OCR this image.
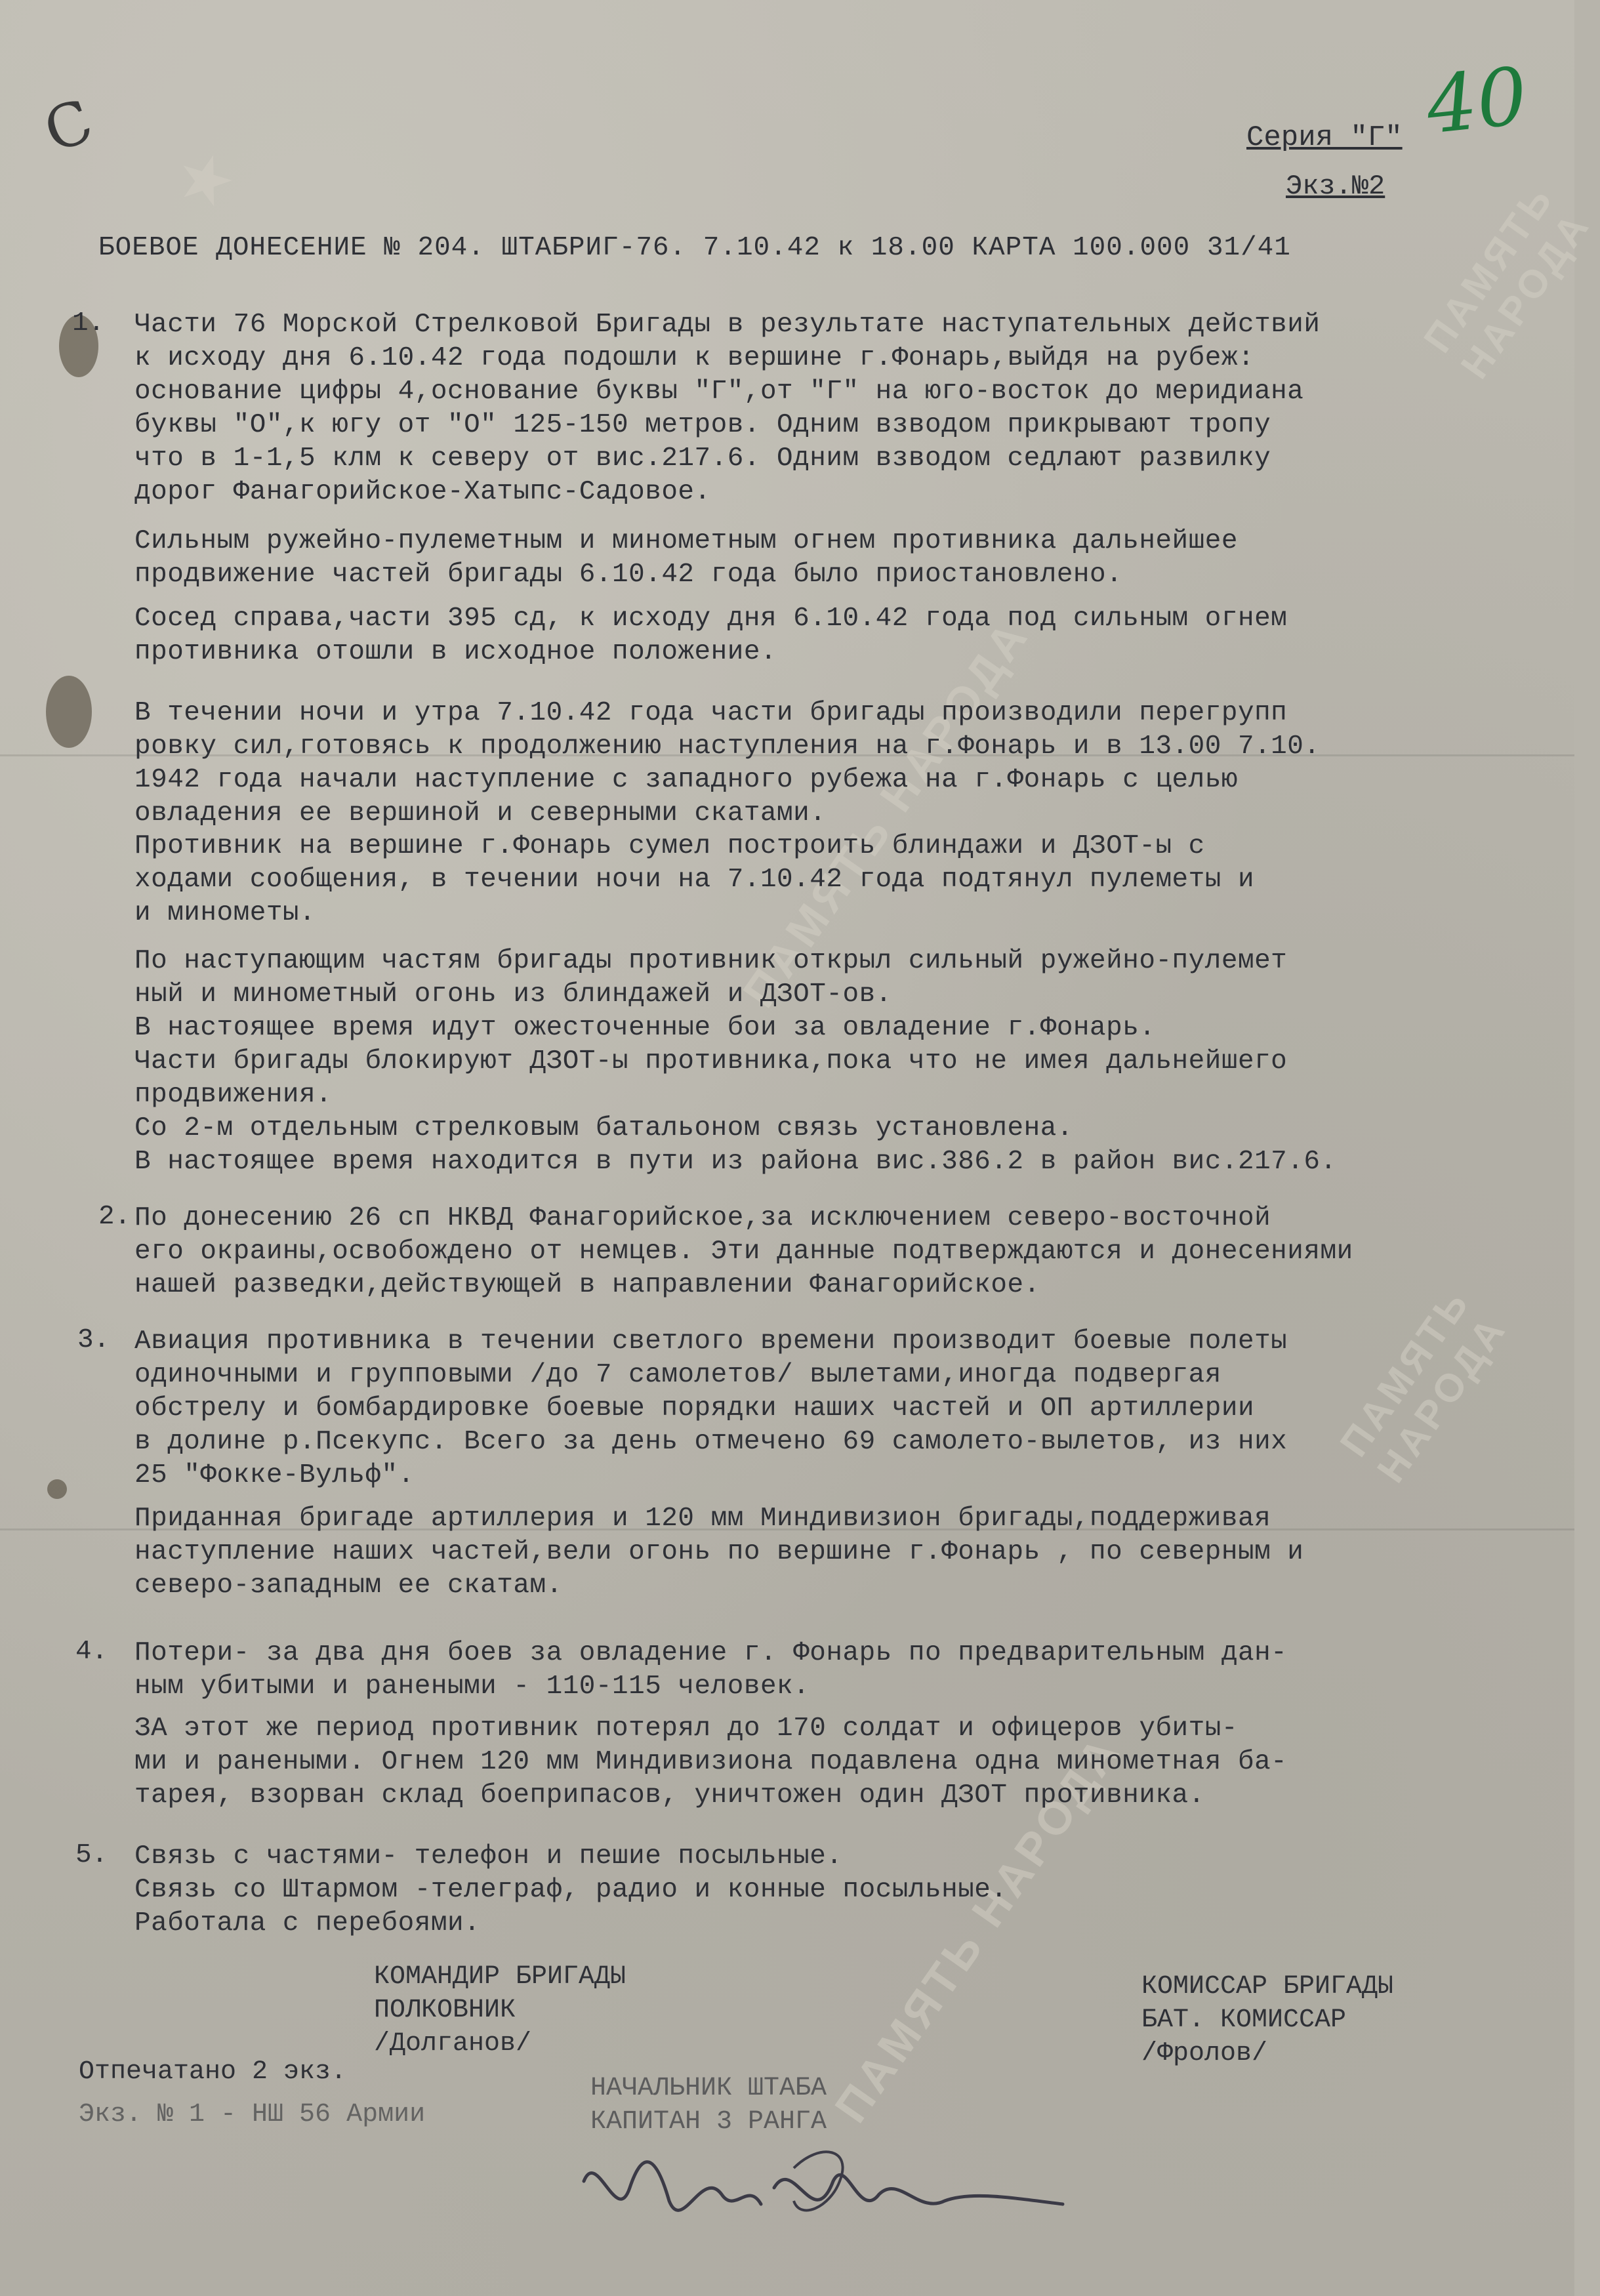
★
ПАМЯТЬ НАРОДА
ПАМЯТЬ НАРОДА
ПАМЯТЬ НАРОДА
ПАМЯТЬ НАРОДА
С	40
Серия "Г"
Экз.№2
БОЕВОЕ ДОНЕСЕНИЕ № 204. ШТАБРИГ-76. 7.10.42 к 18.00 КАРТА 100.000 31/41
1. Части 76 Морской Стрелковой Бригады в результате наступательных действий
к исходу дня 6.10.42 года подошли к вершине г.Фонарь,выйдя на рубеж:
основание цифры 4,основание буквы "Г",от "Г" на юго-восток до меридиана
буквы "О",к югу от "О" 125-150 метров. Одним взводом прикрывают тропу
что в 1-1,5 клм к северу от вис.217.6. Одним взводом седлают развилку
дорог Фанагорийское-Хатыпс-Садовое.
Сильным ружейно-пулеметным и минометным огнем противника дальнейшее
продвижение частей бригады 6.10.42 года было приостановлено.
Сосед справа,части 395 сд, к исходу дня 6.10.42 года под сильным огнем
противника отошли в исходное положение.
В течении ночи и утра 7.10.42 года части бригады производили перегрупп
ровку сил,готовясь к продолжению наступления на г.Фонарь и в 13.00 7.10.
1942 года начали наступление с западного рубежа на г.Фонарь с целью
овладения ее вершиной и северными скатами.
Противник на вершине г.Фонарь сумел построить блиндажи и ДЗОТ-ы с
ходами сообщения, в течении ночи на 7.10.42 года подтянул пулеметы и
и минометы.
По наступающим частям бригады противник открыл сильный ружейно-пулемет
ный и минометный огонь из блиндажей и ДЗОТ-ов.
В настоящее время идут ожесточенные бои за овладение г.Фонарь.
Части бригады блокируют ДЗОТ-ы противника,пока что не имея дальнейшего
продвижения.
Со 2-м отдельным стрелковым батальоном связь установлена.
В настоящее время находится в пути из района вис.386.2 в район вис.217.6.
2. По донесению 26 сп НКВД Фанагорийское,за исключением северо-восточной
его окраины,освобождено от немцев. Эти данные подтверждаются и донесениями
нашей разведки,действующей в направлении Фанагорийское.
3. Авиация противника в течении светлого времени производит боевые полеты
одиночными и групповыми /до 7 самолетов/ вылетами,иногда подвергая
обстрелу и бомбардировке боевые порядки наших частей и ОП артиллерии
в долине р.Псекупс. Всего за день отмечено 69 самолето-вылетов, из них
25 "Фокке-Вульф".
Приданная бригаде артиллерия и 120 мм Миндивизион бригады,поддерживая
наступление наших частей,вели огонь по вершине г.Фонарь , по северным и
северо-западным ее скатам.
4. Потери- за два дня боев за овладение г. Фонарь по предварительным дан-
ным убитыми и ранеными - 110-115 человек.
ЗА этот же период противник потерял до 170 солдат и офицеров убиты-
ми и ранеными. Огнем 120 мм Миндивизиона подавлена одна минометная ба-
тарея, взорван склад боеприпасов, уничтожен один ДЗОТ противника.
5. Связь с частями- телефон и пешие посыльные.
Связь со Штармом -телеграф, радио и конные посыльные.
Работала с перебоями.
КОМАНДИР БРИГАДЫ
ПОЛКОВНИК
/Долганов/
КОМИССАР БРИГАДЫ
БАТ. КОМИССАР
/Фролов/
НАЧАЛЬНИК ШТАБА
КАПИТАН 3 РАНГА
Отпечатано 2 экз.
Экз. № 1 - НШ 56 Армии
